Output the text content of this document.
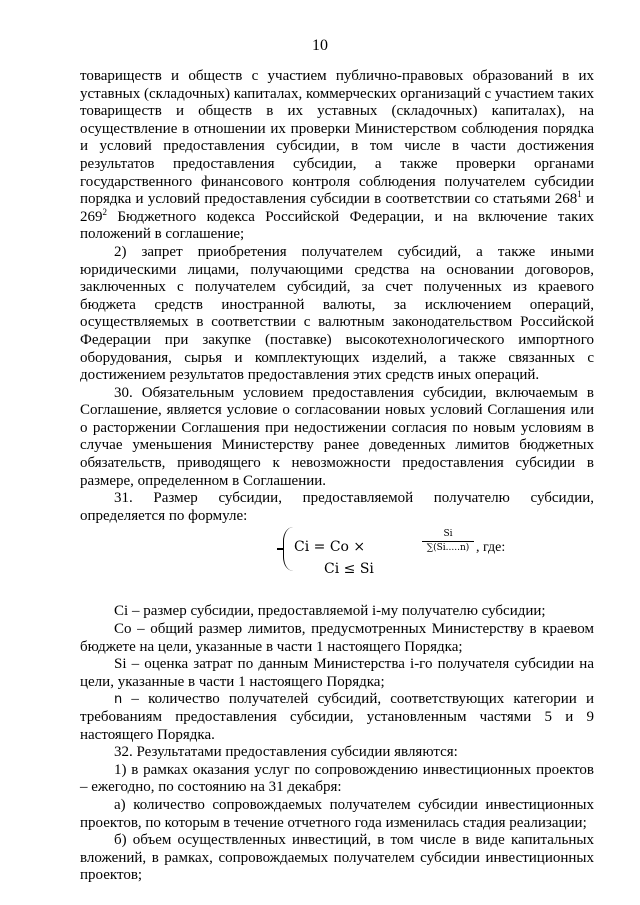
10

товариществ и обществ с участием публично-правовых образований в их уставных (складочных) капиталах, коммерческих организаций с участием таких товариществ и обществ в их уставных (складочных) капиталах), на осуществление в отношении их проверки Министерством соблюдения порядка и условий предоставления субсидии, в том числе в части достижения результатов предоставления субсидии, а также проверки органами государственного финансового контроля соблюдения получателем субсидии порядка и условий предоставления субсидии в соответствии со статьями $268^1$ и $269^2$ Бюджетного кодекса Российской Федерации, и на включение таких положений в соглашение;

2) запрет приобретения получателем субсидий, а также иными юридическими лицами, получающими средства на основании договоров, заключенных с получателем субсидий, за счет полученных из краевого бюджета средств иностранной валюты, за исключением операций, осуществляемых в соответствии с валютным законодательством Российской Федерации при закупке (поставке) высокотехнологического импортного оборудования, сырья и комплектующих изделий, а также связанных с достижением результатов предоставления этих средств иных операций.

30. Обязательным условием предоставления субсидии, включаемым в Соглашение, является условие о согласовании новых условий Соглашения или о расторжении Соглашения при недостижении согласия по новым условиям в случае уменьшения Министерству ранее доведенных лимитов бюджетных обязательств, приводящего к невозможности предоставления субсидии в размере, определенном в Соглашении.

31. Размер субсидии, предоставляемой получателю субсидии, определяется по формуле:

Ci = Co ×	$\frac{Si}{\sum(Si.....n)}$ , где:
Ci ≤ Si

Ci – размер субсидии, предоставляемой i-му получателю субсидии;

Co – общий размер лимитов, предусмотренных Министерству в краевом бюджете на цели, указанные в части 1 настоящего Порядка;

Si – оценка затрат по данным Министерства i-го получателя субсидии на цели, указанные в части 1 настоящего Порядка;

n – количество получателей субсидий, соответствующих категории и требованиям предоставления субсидии, установленным частями 5 и 9 настоящего Порядка.

32. Результатами предоставления субсидии являются:

1) в рамках оказания услуг по сопровождению инвестиционных проектов – ежегодно, по состоянию на 31 декабря:

а) количество сопровождаемых получателем субсидии инвестиционных проектов, по которым в течение отчетного года изменилась стадия реализации;

б) объем осуществленных инвестиций, в том числе в виде капитальных вложений, в рамках, сопровождаемых получателем субсидии инвестиционных проектов;
